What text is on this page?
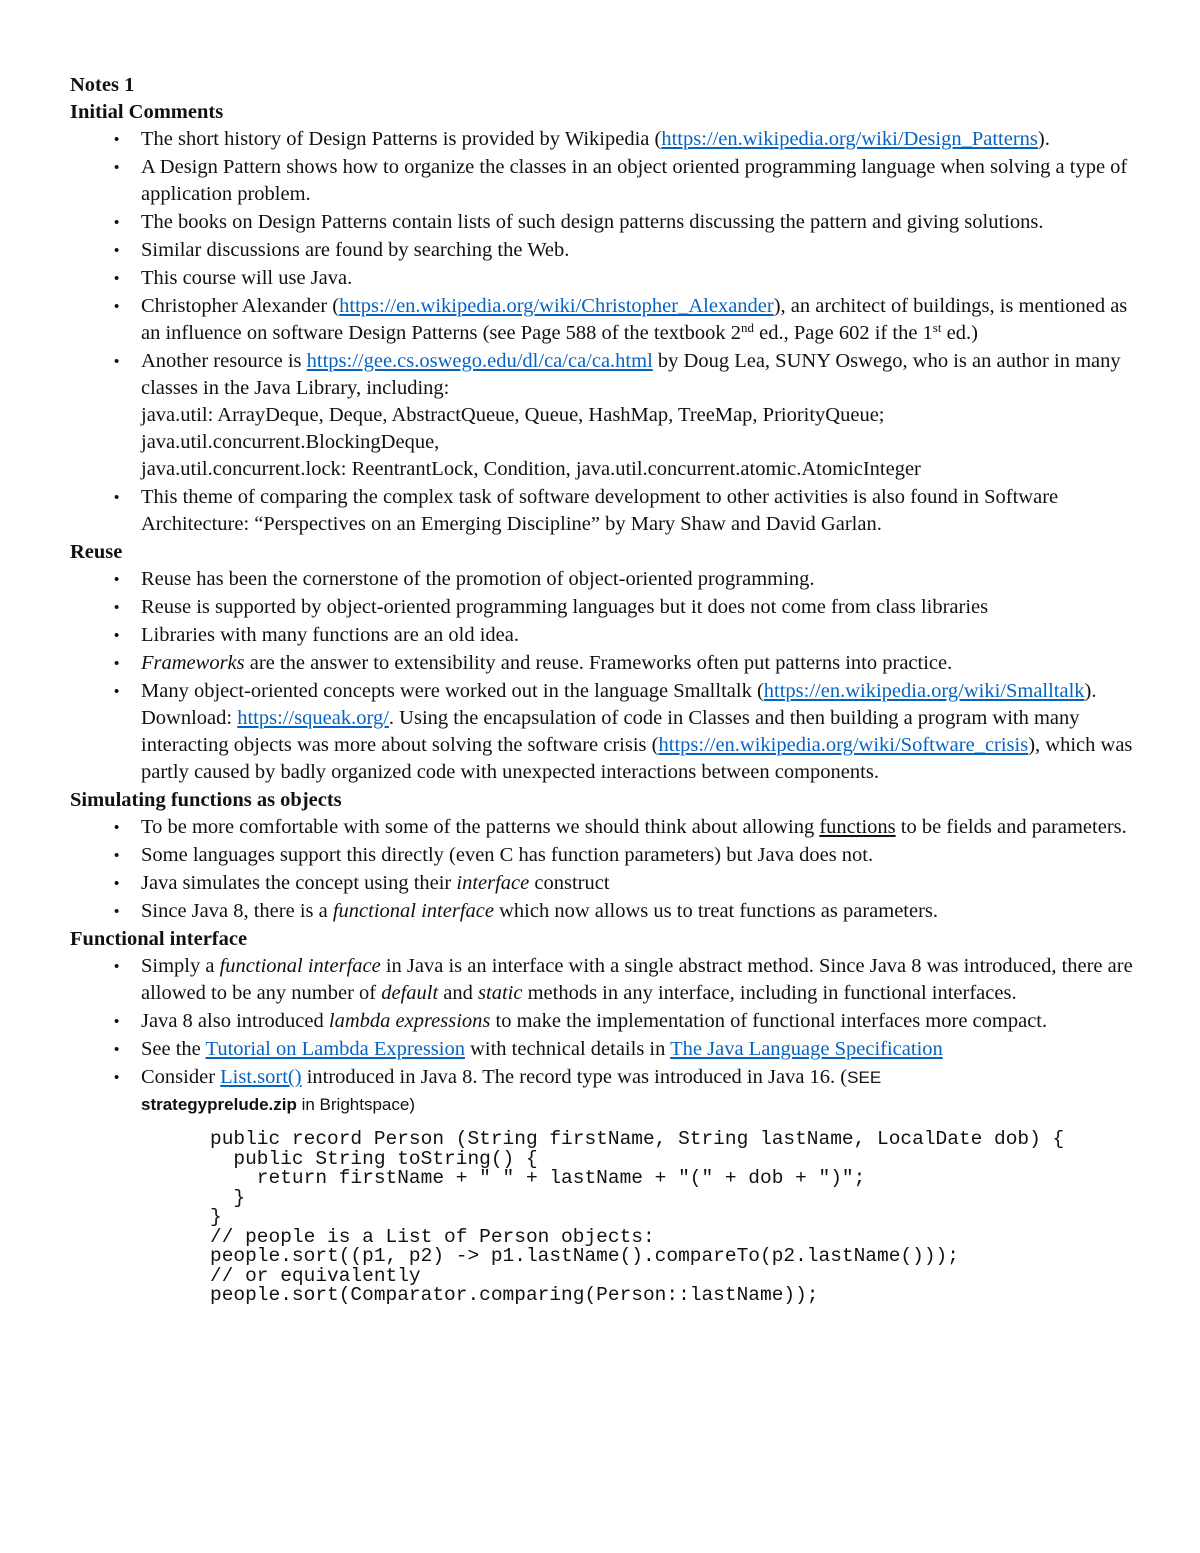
Notes 1
Initial Comments
• The short history of Design Patterns is provided by Wikipedia (https://en.wikipedia.org/wiki/Design_Patterns).
• A Design Pattern shows how to organize the classes in an object oriented programming language when solving a type of application problem.
• The books on Design Patterns contain lists of such design patterns discussing the pattern and giving solutions.
• Similar discussions are found by searching the Web.
• This course will use Java.
• Christopher Alexander (https://en.wikipedia.org/wiki/Christopher_Alexander), an architect of buildings, is mentioned as an influence on software Design Patterns (see Page 588 of the textbook 2nd ed., Page 602 if the 1st ed.)
• Another resource is https://gee.cs.oswego.edu/dl/ca/ca/ca.html by Doug Lea, SUNY Oswego, who is an author in many classes in the Java Library, including:
java.util: ArrayDeque, Deque, AbstractQueue, Queue, HashMap, TreeMap, PriorityQueue;
java.util.concurrent.BlockingDeque,
java.util.concurrent.lock: ReentrantLock, Condition, java.util.concurrent.atomic.AtomicInteger
• This theme of comparing the complex task of software development to other activities is also found in Software Architecture: “Perspectives on an Emerging Discipline” by Mary Shaw and David Garlan.
Reuse
• Reuse has been the cornerstone of the promotion of object-oriented programming.
• Reuse is supported by object-oriented programming languages but it does not come from class libraries
• Libraries with many functions are an old idea.
• Frameworks are the answer to extensibility and reuse. Frameworks often put patterns into practice.
• Many object-oriented concepts were worked out in the language Smalltalk (https://en.wikipedia.org/wiki/Smalltalk). Download: https://squeak.org/. Using the encapsulation of code in Classes and then building a program with many interacting objects was more about solving the software crisis (https://en.wikipedia.org/wiki/Software_crisis), which was partly caused by badly organized code with unexpected interactions between components.
Simulating functions as objects
• To be more comfortable with some of the patterns we should think about allowing functions to be fields and parameters.
• Some languages support this directly (even C has function parameters) but Java does not.
• Java simulates the concept using their interface construct
• Since Java 8, there is a functional interface which now allows us to treat functions as parameters.
Functional interface
• Simply a functional interface in Java is an interface with a single abstract method. Since Java 8 was introduced, there are allowed to be any number of default and static methods in any interface, including in functional interfaces.
• Java 8 also introduced lambda expressions to make the implementation of functional interfaces more compact.
• See the Tutorial on Lambda Expression with technical details in The Java Language Specification
• Consider List.sort() introduced in Java 8. The record type was introduced in Java 16. (SEE
strategyprelude.zip in Brightspace)
public record Person (String firstName, String lastName, LocalDate dob) {
public String toString() {
return firstName + " " + lastName + "(" + dob + ")";
}
}
// people is a List of Person objects:
people.sort((p1, p2) -> p1.lastName().compareTo(p2.lastName()));
// or equivalently
people.sort(Comparator.comparing(Person::lastName));
